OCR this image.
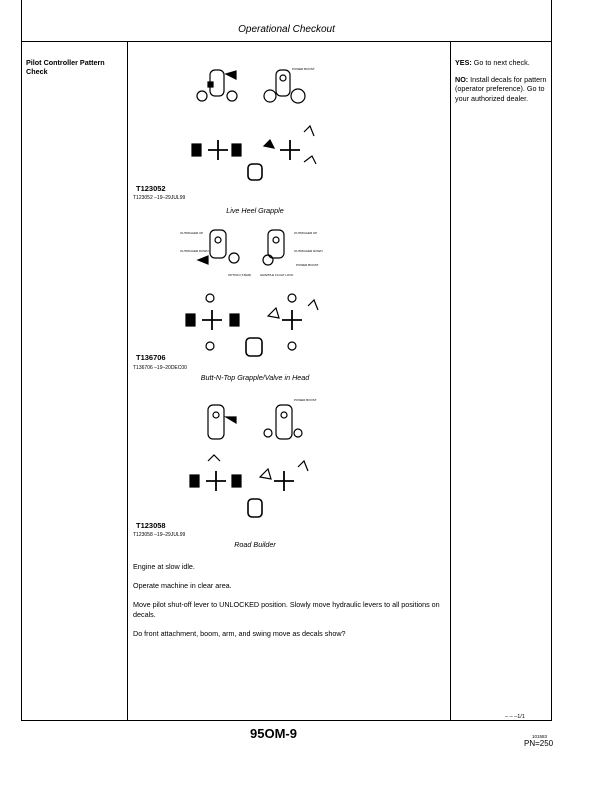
Operational Checkout
Pilot Controller Pattern Check

YES: Go to next check.

NO: Install decals for pattern (operator preference). Go to your authorized dealer.

POWER BOOST
T123052
T123052 –19–29JUL99
Live Heel Grapple
OUTRIGGER UP
OUTRIGGER DOWN
OPTION (T-BAR)
OUTRIGGER UP
OUTRIGGER DOWN
POWER BOOST
GRAPPLE FLOAT LOCK
T136706
T136706 –19–20DEC00
Butt-N-Top Grapple/Valve in Head
POWER BOOST
T123058
T123058 –19–29JUL99
Road Builder
Engine at slow idle.
Operate machine in clear area.
Move pilot shut-off lever to UNLOCKED position. Slowly move hydraulic levers to all positions on decals.
Do front attachment, boom, arm, and swing move as decals show?
– – –1/1
95OM-9	101583
PN=250
